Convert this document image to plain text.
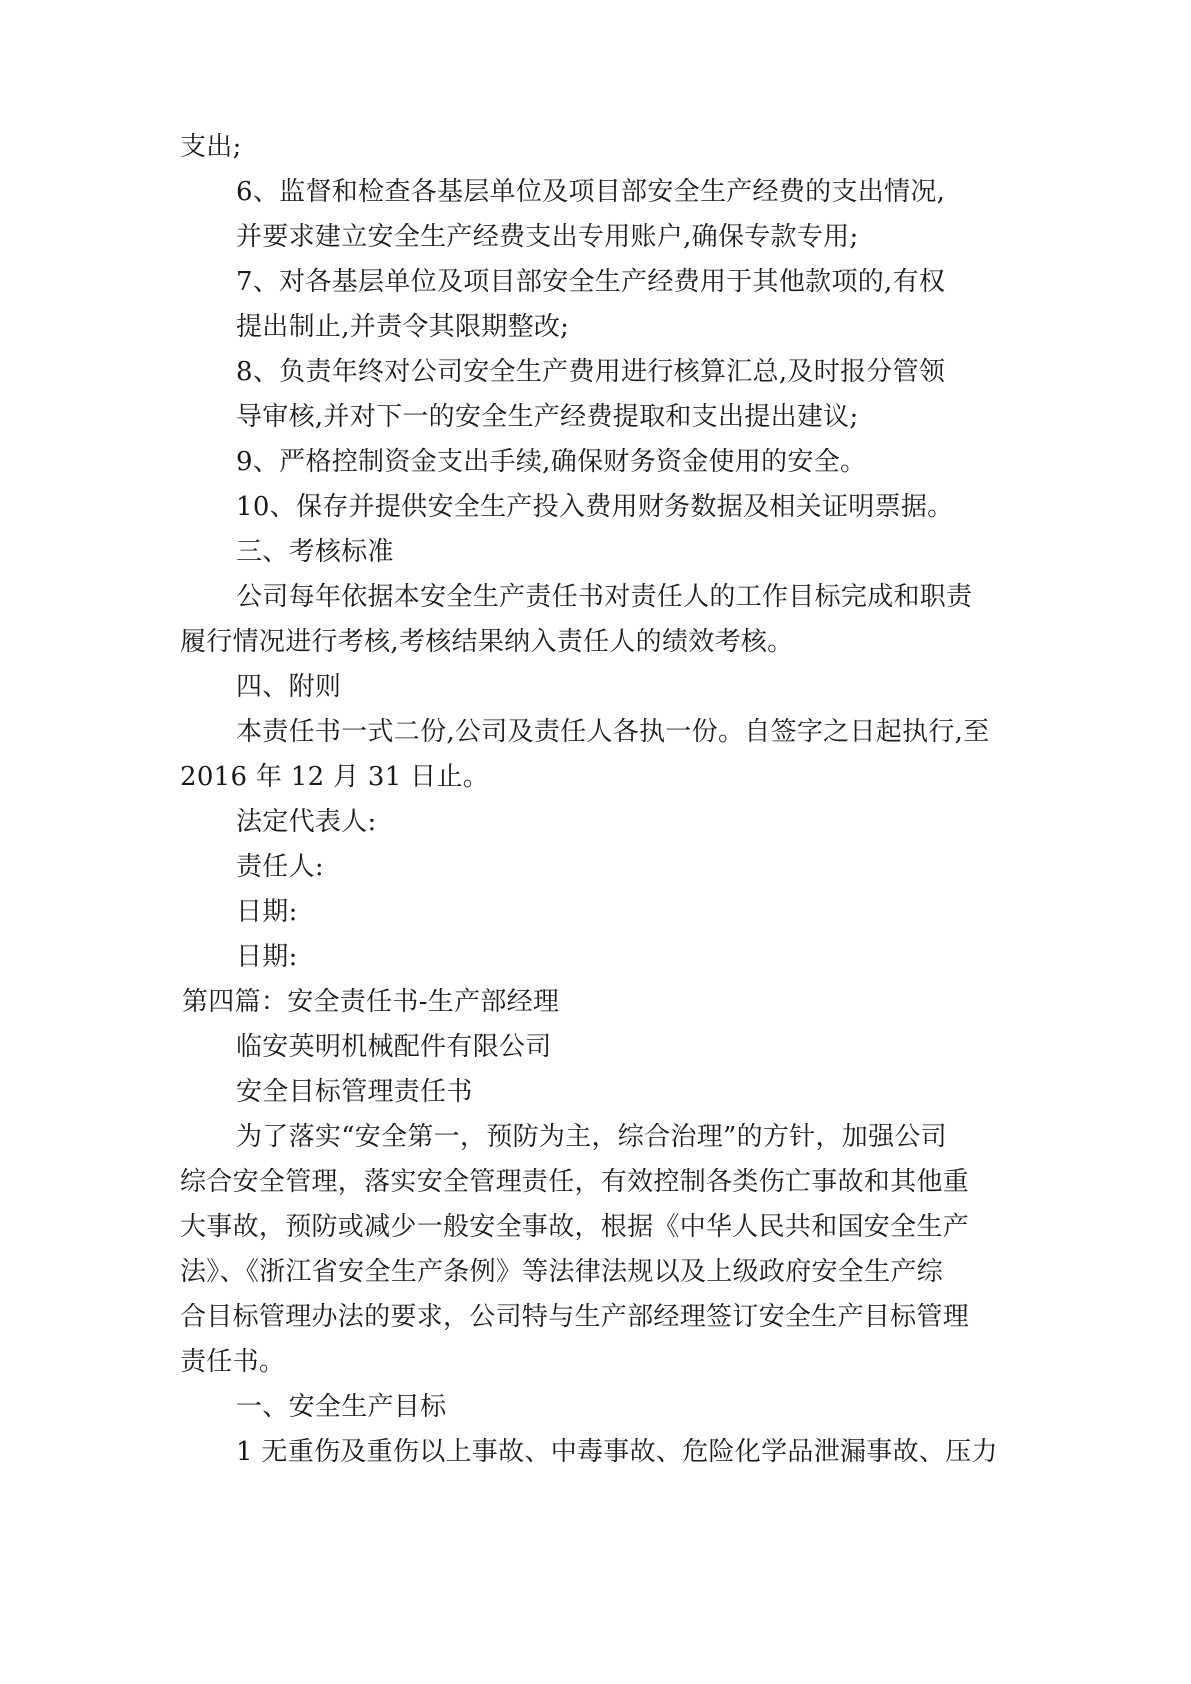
支出;
6、监督和检查各基层单位及项目部安全生产经费的支出情况,
并要求建立安全生产经费支出专用账户,确保专款专用;
7、对各基层单位及项目部安全生产经费用于其他款项的,有权
提出制止,并责令其限期整改;
8、负责年终对公司安全生产费用进行核算汇总,及时报分管领
导审核,并对下一的安全生产经费提取和支出提出建议;
9、严格控制资金支出手续,确保财务资金使用的安全。
10、保存并提供安全生产投入费用财务数据及相关证明票据。
三、考核标准
公司每年依据本安全生产责任书对责任人的工作目标完成和职责
履行情况进行考核,考核结果纳入责任人的绩效考核。
四、附则
本责任书一式二份,公司及责任人各执一份。自签字之日起执行,至
2016 年 12 月 31 日止。
法定代表人:
责任人:
日期:
日期:
第四篇：安全责任书-生产部经理
临安英明机械配件有限公司
安全目标管理责任书
为了落实“安全第一，预防为主，综合治理”的方针，加强公司
综合安全管理，落实安全管理责任，有效控制各类伤亡事故和其他重
大事故，预防或减少一般安全事故，根据《中华人民共和国安全生产
法》、《浙江省安全生产条例》等法律法规以及上级政府安全生产综
合目标管理办法的要求，公司特与生产部经理签订安全生产目标管理
责任书。
一、安全生产目标
1 无重伤及重伤以上事故、中毒事故、危险化学品泄漏事故、压力
